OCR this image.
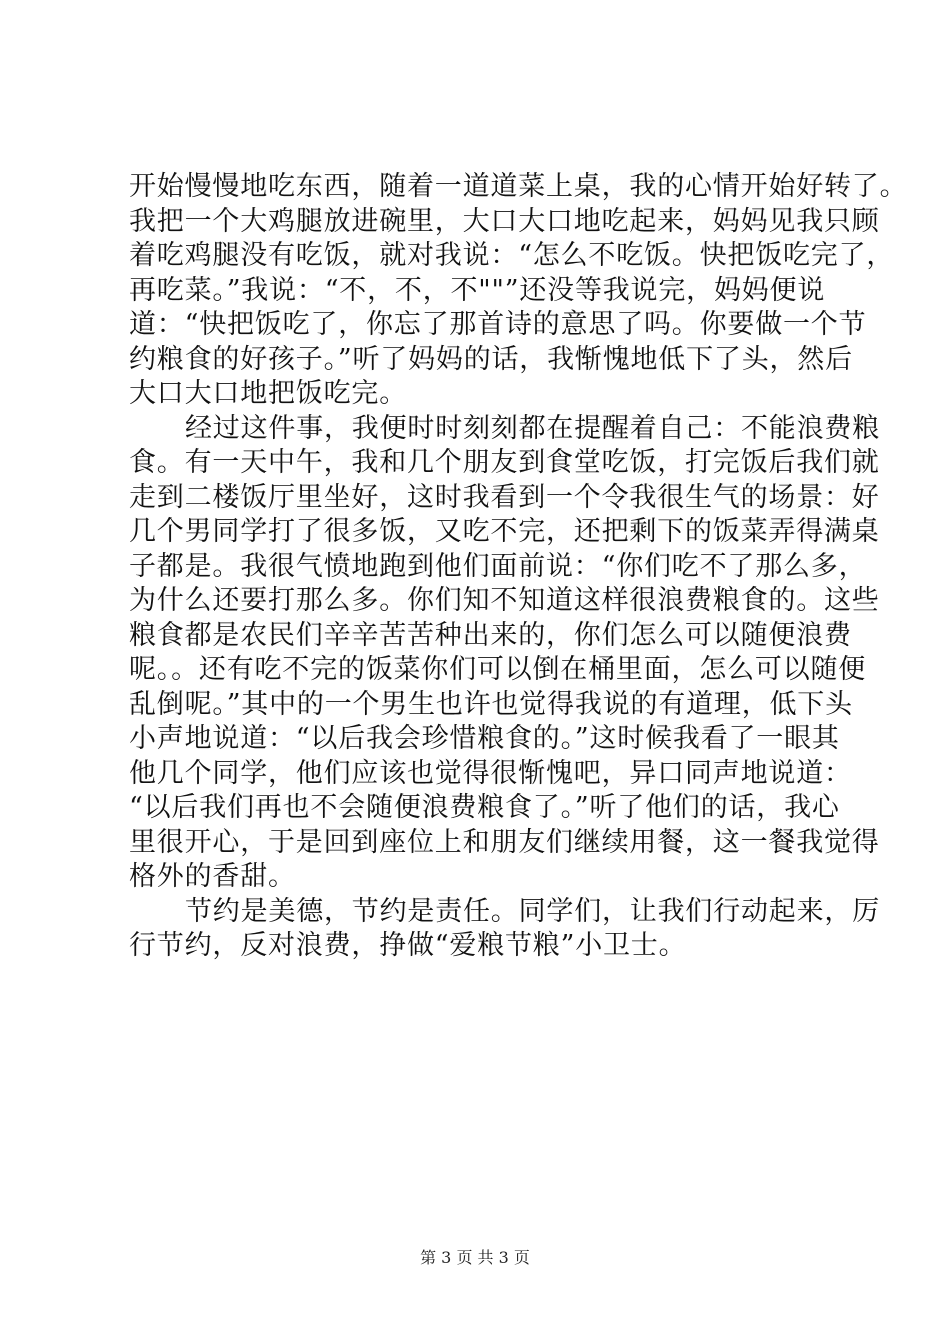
开始慢慢地吃东西，随着一道道菜上桌，我的心情开始好转了。
我把一个大鸡腿放进碗里，大口大口地吃起来，妈妈见我只顾
着吃鸡腿没有吃饭，就对我说：“怎么不吃饭。快把饭吃完了，
再吃菜。”我说：“不，不，不""”还没等我说完，妈妈便说
道：“快把饭吃了，你忘了那首诗的意思了吗。你要做一个节
约粮食的好孩子。”听了妈妈的话，我惭愧地低下了头，然后
大口大口地把饭吃完。
经过这件事，我便时时刻刻都在提醒着自己：不能浪费粮
食。有一天中午，我和几个朋友到食堂吃饭，打完饭后我们就
走到二楼饭厅里坐好，这时我看到一个令我很生气的场景：好
几个男同学打了很多饭，又吃不完，还把剩下的饭菜弄得满桌
子都是。我很气愤地跑到他们面前说：“你们吃不了那么多，
为什么还要打那么多。你们知不知道这样很浪费粮食的。这些
粮食都是农民们辛辛苦苦种出来的，你们怎么可以随便浪费
呢。。还有吃不完的饭菜你们可以倒在桶里面，怎么可以随便
乱倒呢。”其中的一个男生也许也觉得我说的有道理，低下头
小声地说道：“以后我会珍惜粮食的。”这时候我看了一眼其
他几个同学，他们应该也觉得很惭愧吧，异口同声地说道：
“以后我们再也不会随便浪费粮食了。”听了他们的话，我心
里很开心，于是回到座位上和朋友们继续用餐，这一餐我觉得
格外的香甜。
节约是美德，节约是责任。同学们，让我们行动起来，厉
行节约，反对浪费，挣做“爱粮节粮”小卫士。
第 3 页 共 3 页
